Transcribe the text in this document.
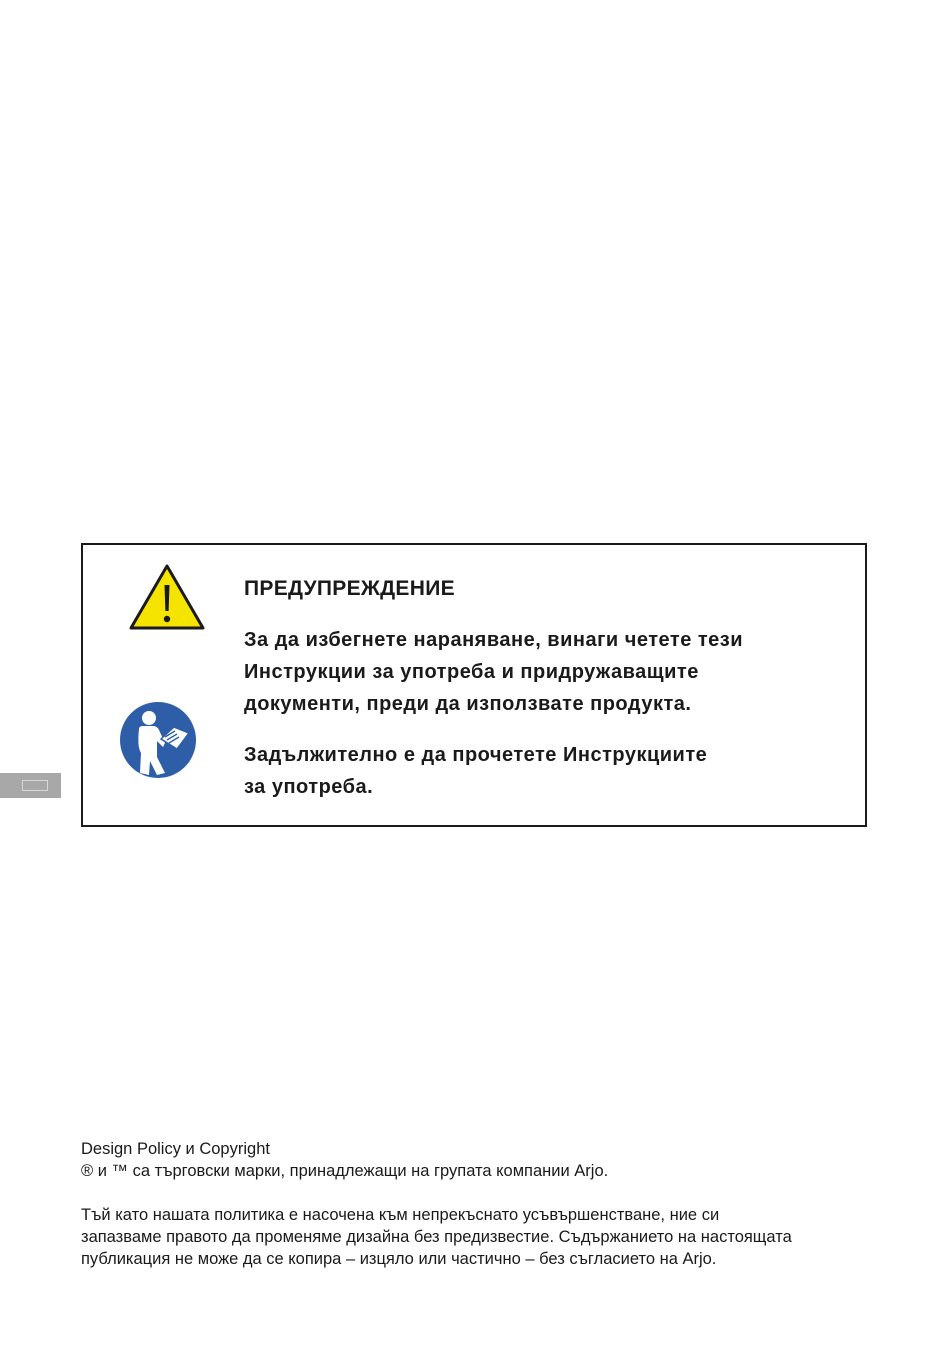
ПРЕДУПРЕЖДЕНИЕ
За да избегнете нараняване, винаги четете тези
Инструкции за употреба и придружаващите
документи, преди да използвате продукта.
Задължително е да прочетете Инструкциите
за употреба.
Design Policy и Copyright
® и ™ са търговски марки, принадлежащи на групата компании Arjo.
Тъй като нашата политика е насочена към непрекъснато усъвършенстване, ние си
запазваме правото да променяме дизайна без предизвестие. Съдържанието на настоящата
публикация не може да се копира – изцяло или частично – без съгласието на Arjo.
